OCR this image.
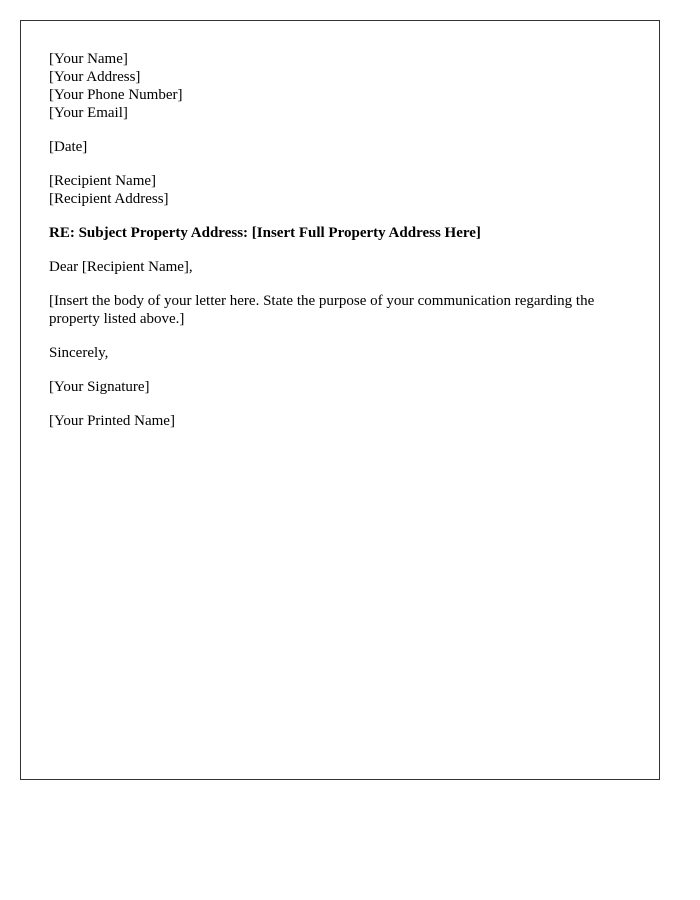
[Your Name]
[Your Address]
[Your Phone Number]
[Your Email]

[Date]

[Recipient Name]
[Recipient Address]

RE: Subject Property Address: [Insert Full Property Address Here]

Dear [Recipient Name],

[Insert the body of your letter here. State the purpose of your communication regarding the property listed above.]

Sincerely,

[Your Signature]

[Your Printed Name]
